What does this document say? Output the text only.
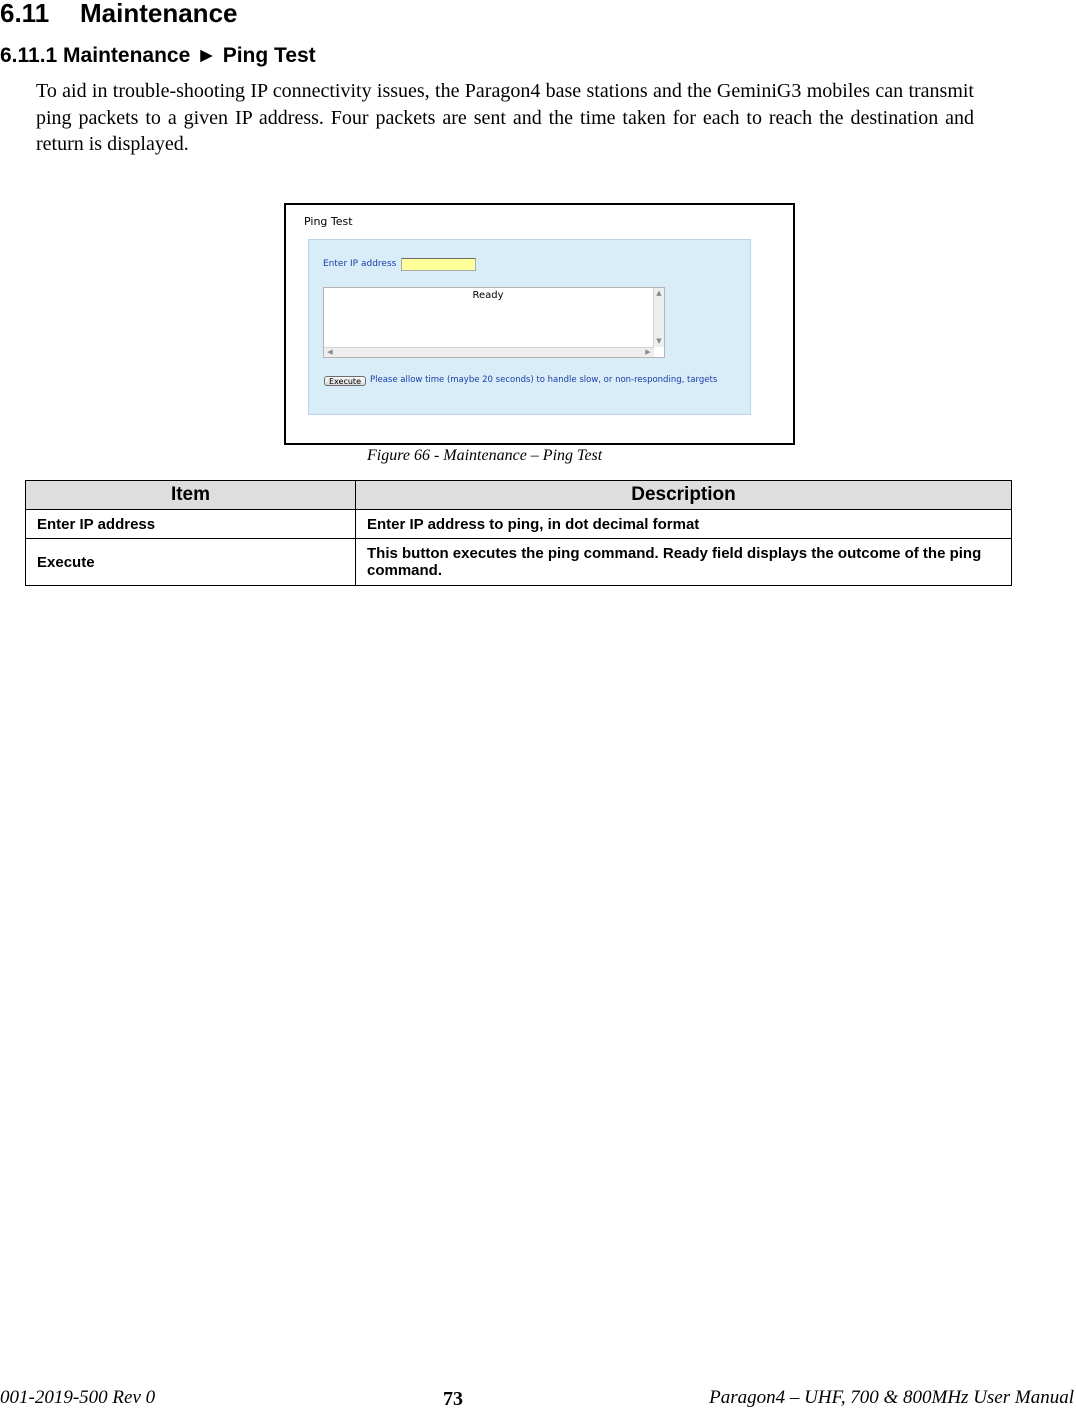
6.11 Maintenance
6.11.1 Maintenance ► Ping Test

To aid in trouble-shooting IP connectivity issues, the Paragon4 base stations and the GeminiG3 mobiles can transmit ping packets to a given IP address. Four packets are sent and the time taken for each to reach the destination and return is displayed.

Ping Test
Enter IP address
Ready	▲
▼
◀	▶
Execute	Please allow time (maybe 20 seconds) to handle slow, or non-responding, targets
Figure 66 - Maintenance – Ping Test
Item	Description
Enter IP address	Enter IP address to ping, in dot decimal format
Execute	This button executes the ping command. Ready field displays the outcome of the ping command.
001-2019-500 Rev 0	73	Paragon4 – UHF, 700 & 800MHz User Manual
